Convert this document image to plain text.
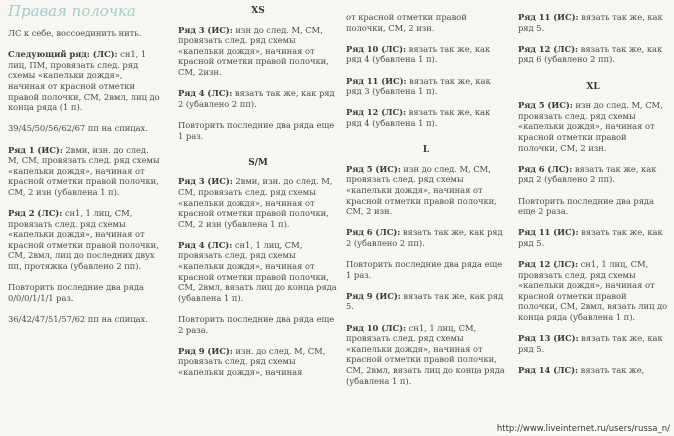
Правая полочка
ЛС к себе, воссоединить нить.
Следующий ряд: (ЛС): сн1, 1 лиц, ПМ, провязать след. ряд схемы «капельки дождя», начиная от красной отметки правой полочки, СМ, 2вмл, лиц до конца ряда (1 п).
39/45/50/56/62/67 пп на спицах.
Ряд 1 (ИС): 2вми, изн. до след. М, СМ, провязать след. ряд схемы «капельки дождя», начиная от красной отметки правой полочки, СМ, 2 изн (убавлена 1 п).
Ряд 2 (ЛС): сн1, 1 лиц, СМ, провязать след. ряд схемы «капельки дождя», начиная от красной отметки правой полочки, СМ, 2вмл, лиц до последних двух пп, протяжка (убавлено 2 пп).
Повторить последние два ряда 0/0/0/1/1/1 раз.
36/42/47/51/57/62 пп на спицах.
XS
Ряд 3 (ИС): изн до след. М, СМ, провязать след. ряд схемы «капельки дождя», начиная от красной отметки правой полочки, СМ, 2изн.
Ряд 4 (ЛС): вязать так же, как ряд 2 (убавлено 2 пп).
Повторить последние два ряда еще 1 раз.
S/M
Ряд 3 (ИС): 2вми, изн. до след. М, СМ, провязать след. ряд схемы «капельки дождя», начиная от красной отметки правой полочки, СМ, 2 изн (убавлена 1 п).
Ряд 4 (ЛС): сн1, 1 лиц, СМ, провязать след. ряд схемы «капельки дождя», начиная от красной отметки правой полочки, СМ, 2вмл, вязать лиц до конца ряда (убавлена 1 п).
Повторить последние два ряда еще 2 раза.
Ряд 9 (ИС): изн. до след. М, СМ, провязать след. ряд схемы «капельки дождя», начиная
от красной отметки правой полочки, СМ, 2 изн.
Ряд 10 (ЛС): вязать так же, как ряд 4 (убавлена 1 п).
Ряд 11 (ИС): вязать так же, как ряд 3 (убавлена 1 п).
Ряд 12 (ЛС): вязать так же, как ряд 4 (убавлена 1 п).
L
Ряд 5 (ИС): изн до след. М, СМ, провязать след. ряд схемы «капельки дождя», начиная от красной отметки правой полочки, СМ, 2 изн.
Ряд 6 (ЛС): вязать так же, как ряд 2 (убавлено 2 пп).
Повторить последние два ряда еще 1 раз.
Ряд 9 (ИС): вязать так же, как ряд 5.
Ряд 10 (ЛС): сн1, 1 лиц, СМ, провязать след. ряд схемы «капельки дождя», начиная от красной отметки правой полочки, СМ, 2вмл, вязать лиц до конца ряда (убавлена 1 п).
Ряд 11 (ИС): вязать так же, как ряд 5.
Ряд 12 (ЛС): вязать так же, как ряд 6 (убавлено 2 пп).
XL
Ряд 5 (ИС): изн до след. М, СМ, провязать след. ряд схемы «капельки дождя», начиная от красной отметки правой полочки, СМ, 2 изн.
Ряд 6 (ЛС): вязать так же, как ряд 2 (убавлено 2 пп).
Повторить последние два ряда еще 2 раза.
Ряд 11 (ИС): вязать так же, как ряд 5.
Ряд 12 (ЛС): сн1, 1 лиц, СМ, провязать след. ряд схемы «капельки дождя», начиная от красной отметки правой полочки, СМ, 2вмл, вязать лиц до конца ряда (убавлена 1 п).
Ряд 13 (ИС): вязать так же, как ряд 5.
Ряд 14 (ЛС): вязать так же,
http://www.liveinternet.ru/users/russa_n/
